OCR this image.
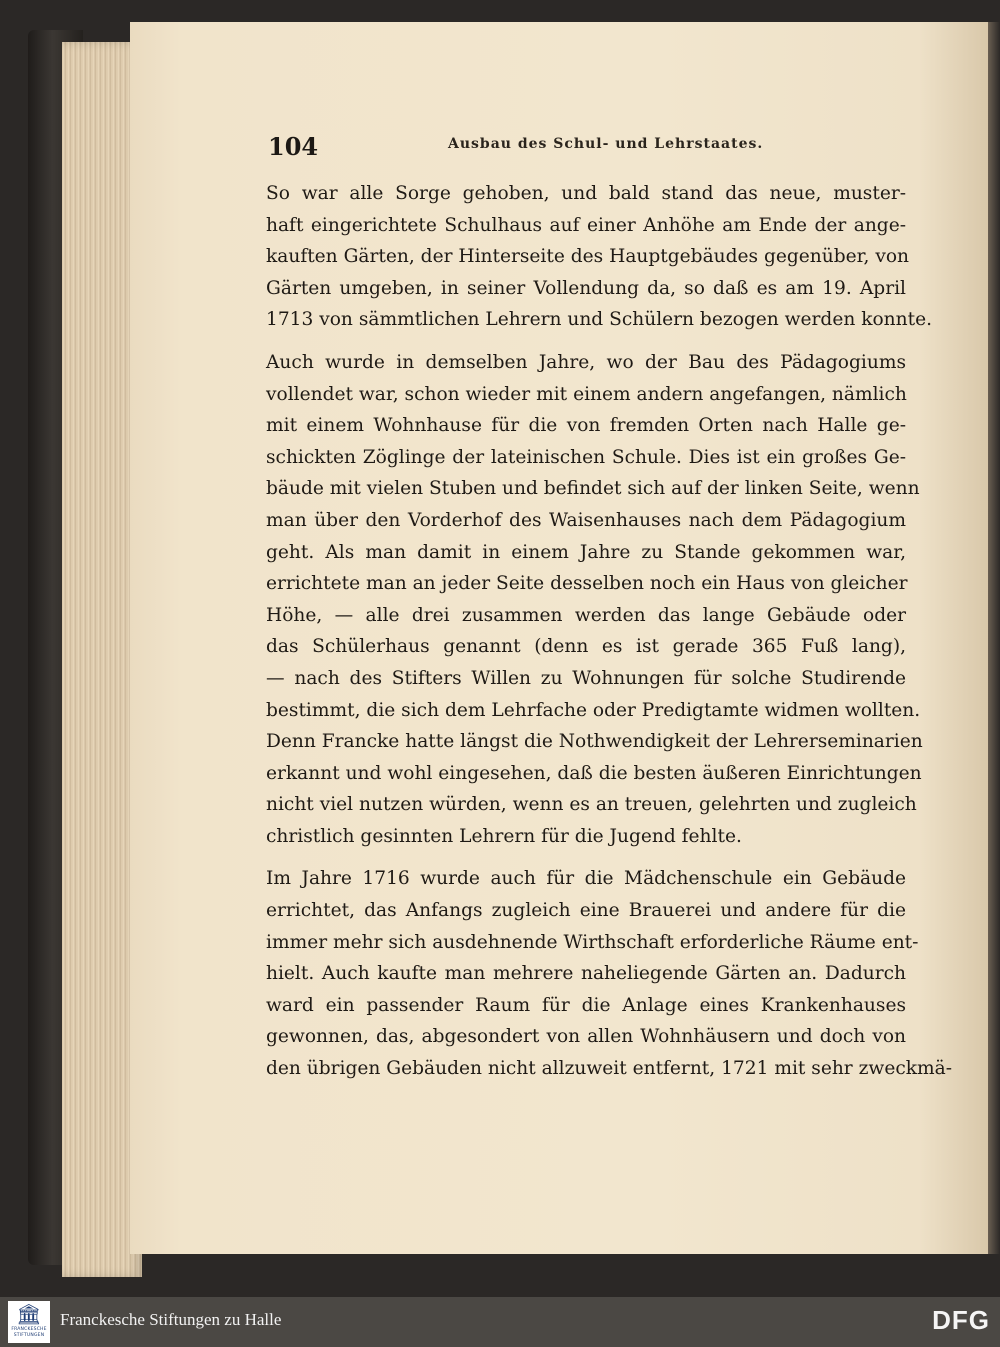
104	Ausbau des Schul- und Lehrstaates.
So war alle Sorge gehoben, und bald stand das neue, muster-
haft eingerichtete Schulhaus auf einer Anhöhe am Ende der ange-
kauften Gärten, der Hinterseite des Hauptgebäudes gegenüber, von
Gärten umgeben, in seiner Vollendung da, so daß es am 19. April
1713 von sämmtlichen Lehrern und Schülern bezogen werden konnte.
Auch wurde in demselben Jahre, wo der Bau des Pädagogiums
vollendet war, schon wieder mit einem andern angefangen, nämlich
mit einem Wohnhause für die von fremden Orten nach Halle ge-
schickten Zöglinge der lateinischen Schule. Dies ist ein großes Ge-
bäude mit vielen Stuben und befindet sich auf der linken Seite, wenn
man über den Vorderhof des Waisenhauses nach dem Pädagogium
geht. Als man damit in einem Jahre zu Stande gekommen war,
errichtete man an jeder Seite desselben noch ein Haus von gleicher
Höhe, — alle drei zusammen werden das lange Gebäude oder
das Schülerhaus genannt (denn es ist gerade 365 Fuß lang),
— nach des Stifters Willen zu Wohnungen für solche Studirende
bestimmt, die sich dem Lehrfache oder Predigtamte widmen wollten.
Denn Francke hatte längst die Nothwendigkeit der Lehrerseminarien
erkannt und wohl eingesehen, daß die besten äußeren Einrichtungen
nicht viel nutzen würden, wenn es an treuen, gelehrten und zugleich
christlich gesinnten Lehrern für die Jugend fehlte.
Im Jahre 1716 wurde auch für die Mädchenschule ein Gebäude
errichtet, das Anfangs zugleich eine Brauerei und andere für die
immer mehr sich ausdehnende Wirthschaft erforderliche Räume ent-
hielt. Auch kaufte man mehrere naheliegende Gärten an. Dadurch
ward ein passender Raum für die Anlage eines Krankenhauses
gewonnen, das, abgesondert von allen Wohnhäusern und doch von
den übrigen Gebäuden nicht allzuweit entfernt, 1721 mit sehr zweckmä-
🏛
FRANCKESCHE STIFTUNGEN
Franckesche Stiftungen zu Halle	DFG
